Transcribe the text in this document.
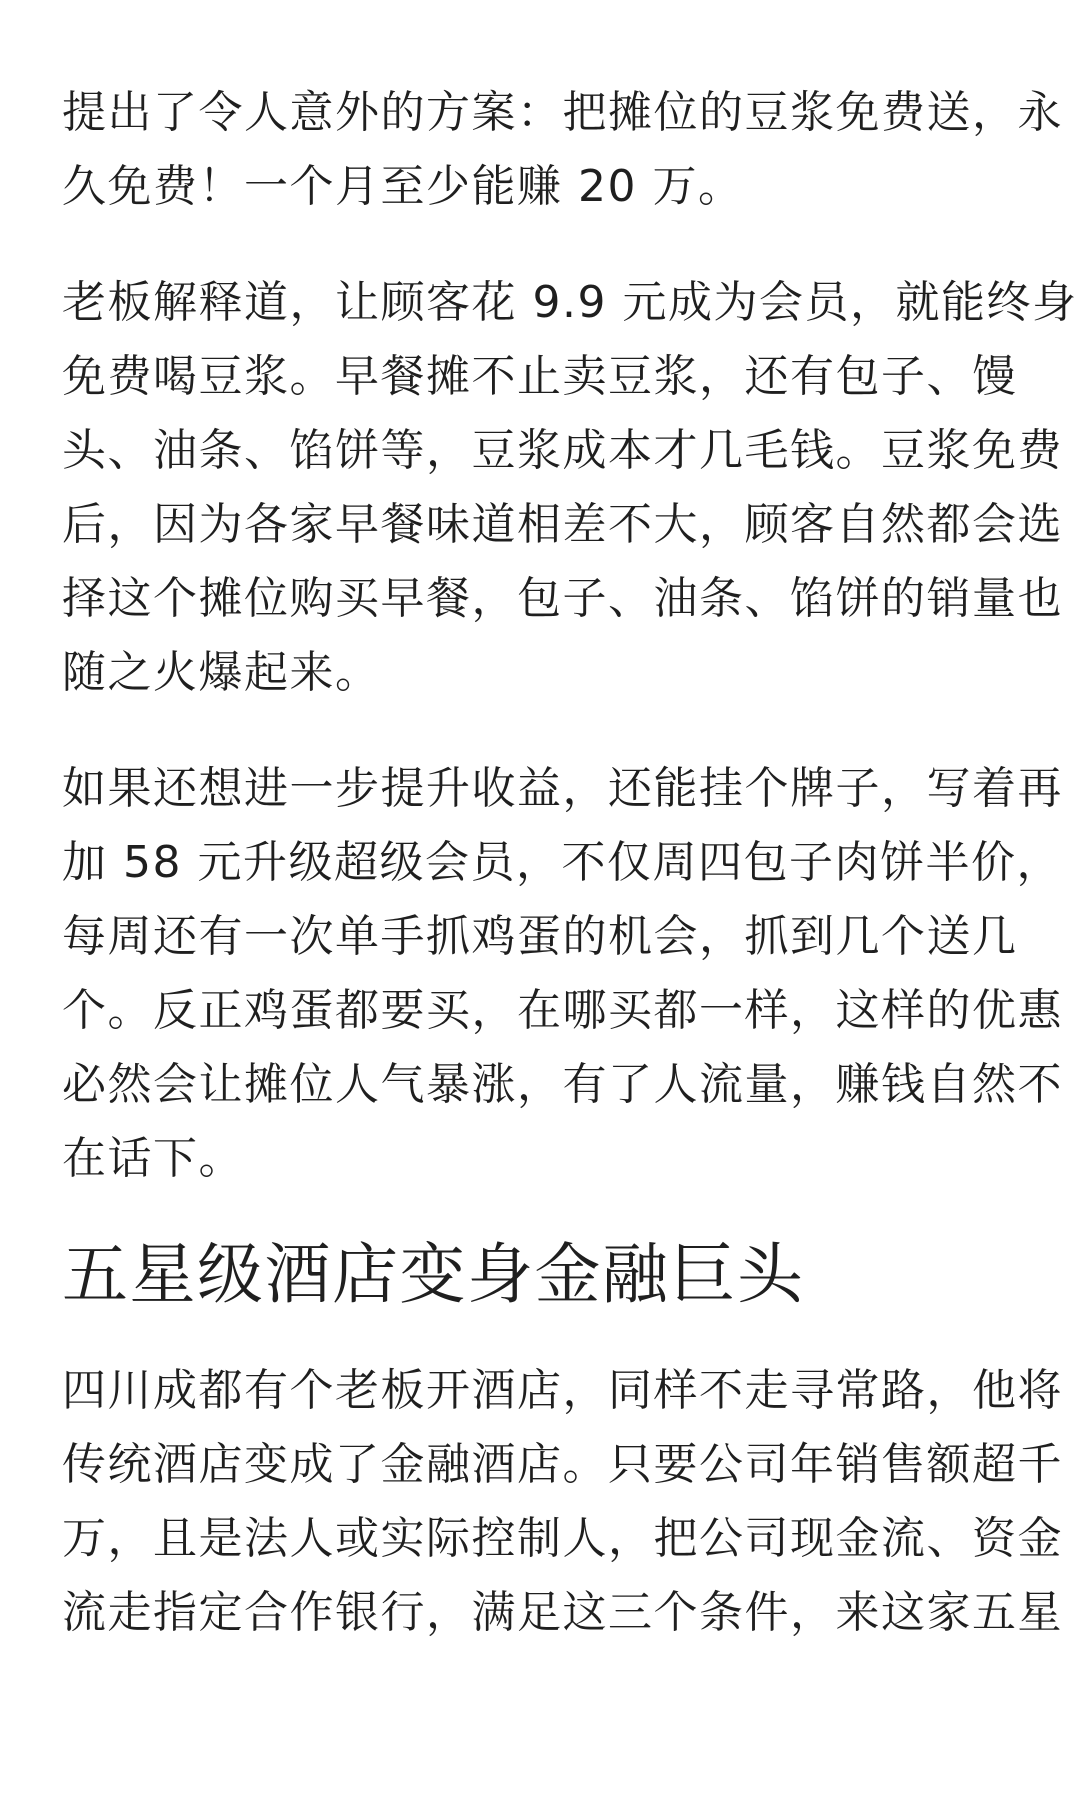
提出了令人意外的方案：把摊位的豆浆免费送，永
久免费！一个月至少能赚 20 万。

老板解释道，让顾客花 9.9 元成为会员，就能终身
免费喝豆浆。早餐摊不止卖豆浆，还有包子、馒
头、油条、馅饼等，豆浆成本才几毛钱。豆浆免费
后，因为各家早餐味道相差不大，顾客自然都会选
择这个摊位购买早餐，包子、油条、馅饼的销量也
随之火爆起来。

如果还想进一步提升收益，还能挂个牌子，写着再
加 58 元升级超级会员，不仅周四包子肉饼半价，
每周还有一次单手抓鸡蛋的机会，抓到几个送几
个。反正鸡蛋都要买，在哪买都一样，这样的优惠
必然会让摊位人气暴涨，有了人流量，赚钱自然不
在话下。

五星级酒店变身金融巨头

四川成都有个老板开酒店，同样不走寻常路，他将
传统酒店变成了金融酒店。只要公司年销售额超千
万，且是法人或实际控制人，把公司现金流、资金
流走指定合作银行，满足这三个条件，来这家五星
